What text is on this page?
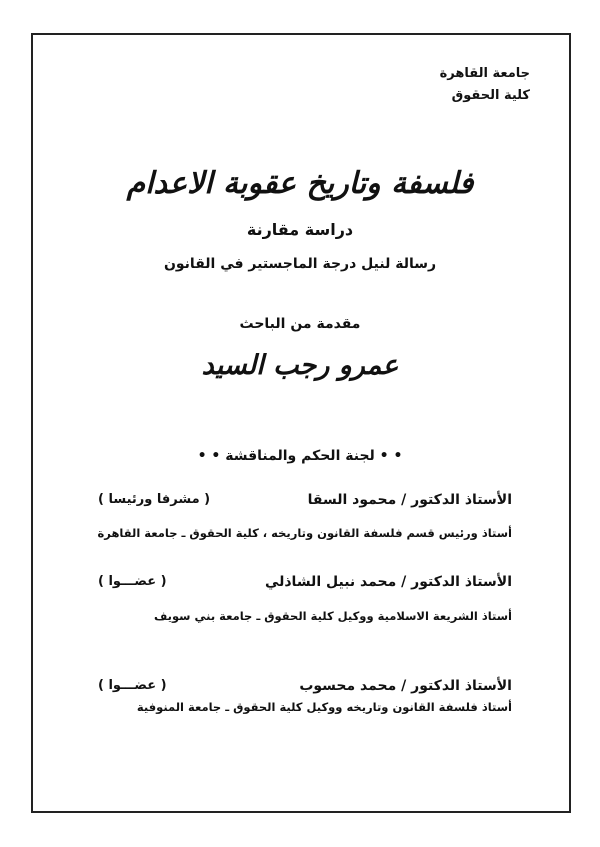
جامعة القاهرة
كلية الحقوق
فلسفة وتاريخ عقوبة الاعدام
دراسة مقارنة
رسالة لنيل درجة الماجستير في القانون
مقدمة من الباحث
عمرو رجب السيد
• • لجنة الحكم والمناقشة • •
الأستاذ الدكتور / محمود السقا
( مشرفا ورئيسا )
أستاذ ورئيس قسم فلسفة القانون وتاريخه ، كلية الحقوق ـ جامعة القاهرة
الأستاذ الدكتور / محمد نبيل الشاذلي
( عضـــوا )
أستاذ الشريعة الاسلامية ووكيل كلية الحقوق ـ جامعة بني سويف
الأستاذ الدكتور / محمد محسوب
( عضـــوا )
أستاذ فلسفة القانون وتاريخه ووكيل كلية الحقوق ـ جامعة المنوفية
